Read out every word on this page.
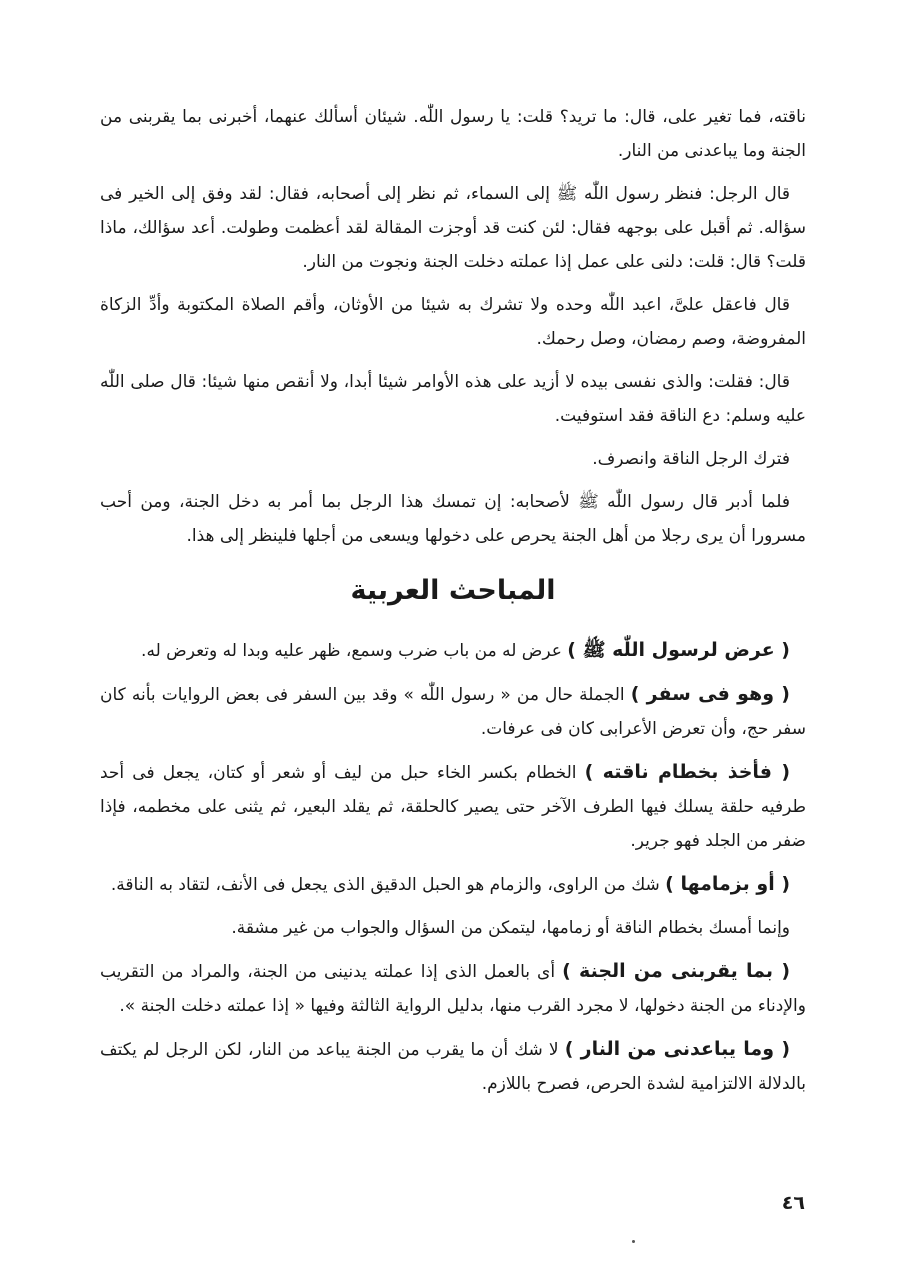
ناقته، فما تغير على، قال: ما تريد؟ قلت: يا رسول اللّٰه. شيئان أسألك عنهما، أخبرنى بما يقربنى من الجنة وما يباعدنى من النار.

قال الرجل: فنظر رسول اللّٰه ﷺ إلى السماء، ثم نظر إلى أصحابه، فقال: لقد وفق إلى الخير فى سؤاله. ثم أقبل على بوجهه فقال: لئن كنت قد أوجزت المقالة لقد أعظمت وطولت. أعد سؤالك، ماذا قلت؟ قال: قلت: دلنى على عمل إذا عملته دخلت الجنة ونجوت من النار.

قال فاعقل علىَّ، اعبد اللّٰه وحده ولا تشرك به شيئا من الأوثان، وأقم الصلاة المكتوبة وأدِّ الزكاة المفروضة، وصم رمضان، وصل رحمك.

قال: فقلت: والذى نفسى بيده لا أزيد على هذه الأوامر شيئا أبدا، ولا أنقص منها شيئا: قال صلى اللّٰه عليه وسلم: دع الناقة فقد استوفيت.

فترك الرجل الناقة وانصرف.

فلما أدبر قال رسول اللّٰه ﷺ لأصحابه: إن تمسك هذا الرجل بما أمر به دخل الجنة، ومن أحب مسرورا أن يرى رجلا من أهل الجنة يحرص على دخولها ويسعى من أجلها فلينظر إلى هذا.

المباحث العربية

( عرض لرسول اللّٰه ﷺ ) عرض له من باب ضرب وسمع، ظهر عليه وبدا له وتعرض له.

( وهو فى سفر ) الجملة حال من « رسول اللّٰه » وقد بين السفر فى بعض الروايات بأنه كان سفر حج، وأن تعرض الأعرابى كان فى عرفات.

( فأخذ بخطام ناقته ) الخطام بكسر الخاء حبل من ليف أو شعر أو كتان، يجعل فى أحد طرفيه حلقة يسلك فيها الطرف الآخر حتى يصير كالحلقة، ثم يقلد البعير، ثم يثنى على مخطمه، فإذا ضفر من الجلد فهو جرير.

( أو بزمامها ) شك من الراوى، والزمام هو الحبل الدقيق الذى يجعل فى الأنف، لتقاد به الناقة.

وإنما أمسك بخطام الناقة أو زمامها، ليتمكن من السؤال والجواب من غير مشقة.

( بما يقربنى من الجنة ) أى بالعمل الذى إذا عملته يدنينى من الجنة، والمراد من التقريب والإدناء من الجنة دخولها، لا مجرد القرب منها، بدليل الرواية الثالثة وفيها « إذا عملته دخلت الجنة ».

( وما يباعدنى من النار ) لا شك أن ما يقرب من الجنة يباعد من النار، لكن الرجل لم يكتف بالدلالة الالتزامية لشدة الحرص، فصرح باللازم.

٤٦
